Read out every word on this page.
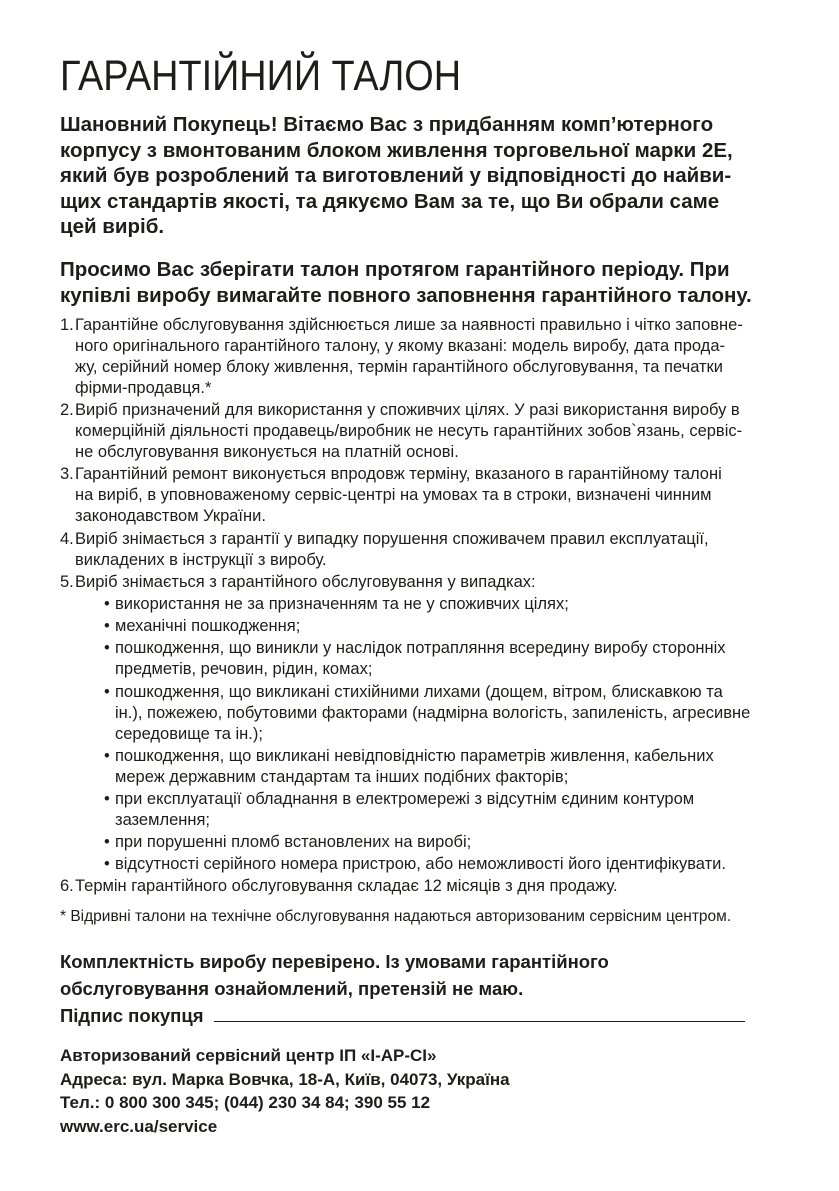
ГАРАНТІЙНИЙ ТАЛОН
Шановний Покупець! Вітаємо Вас з придбанням комп’ютерного
корпусу з вмонтованим блоком живлення торговельної марки 2E,
який був розроблений та виготовлений у відповідності до найви-
щих стандартів якості, та дякуємо Вам за те, що Ви обрали саме
цей виріб.
Просимо Вас зберігати талон протягом гарантійного періоду. При
купівлі виробу вимагайте повного заповнення гарантійного талону.
1. Гарантійне обслуговування здійснюється лише за наявності правильно і чітко заповне-
ного оригінального гарантійного талону, у якому вказані: модель виробу, дата прода-
жу, серійний номер блоку живлення, термін гарантійного обслуговування, та печатки
фірми-продавця.*
2. Виріб призначений для використання у споживчих цілях. У разі використання виробу в
комерційній діяльності продавець/виробник не несуть гарантійних зобов`язань, сервіс-
не обслуговування виконується на платній основі.
3. Гарантійний ремонт виконується впродовж терміну, вказаного в гарантійному талоні
на виріб, в уповноваженому сервіс-центрі на умовах та в строки, визначені чинним
законодавством України.
4. Виріб знімається з гарантії у випадку порушення споживачем правил експлуатації,
викладених в інструкції з виробу.
5. Виріб знімається з гарантійного обслуговування у випадках:
• використання не за призначенням та не у споживчих цілях;
• механічні пошкодження;
• пошкодження, що виникли у наслідок потрапляння всередину виробу сторонніх
предметів, речовин, рідин, комах;
• пошкодження, що викликані стихійними лихами (дощем, вітром, блискавкою та
ін.), пожежею, побутовими факторами (надмірна вологість, запиленість, агресивне
середовище та ін.);
• пошкодження, що викликані невідповідністю параметрів живлення, кабельних
мереж державним стандартам та інших подібних факторів;
• при експлуатації обладнання в електромережі з відсутнім єдиним контуром
заземлення;
• при порушенні пломб встановлених на виробі;
• відсутності серійного номера пристрою, або неможливості його ідентифікувати.
6. Термін гарантійного обслуговування складає 12 місяців з дня продажу.
* Відривні талони на технічне обслуговування надаються авторизованим сервісним центром.
Комплектність виробу перевірено. Із умовами гарантійного
обслуговування ознайомлений, претензій не маю.
Підпис покупця
Авторизований сервісний центр ІП «І-АР-СІ»
Адреса: вул. Марка Вовчка, 18-А, Київ, 04073, Україна
Тел.: 0 800 300 345; (044) 230 34 84; 390 55 12
www.erc.ua/service
